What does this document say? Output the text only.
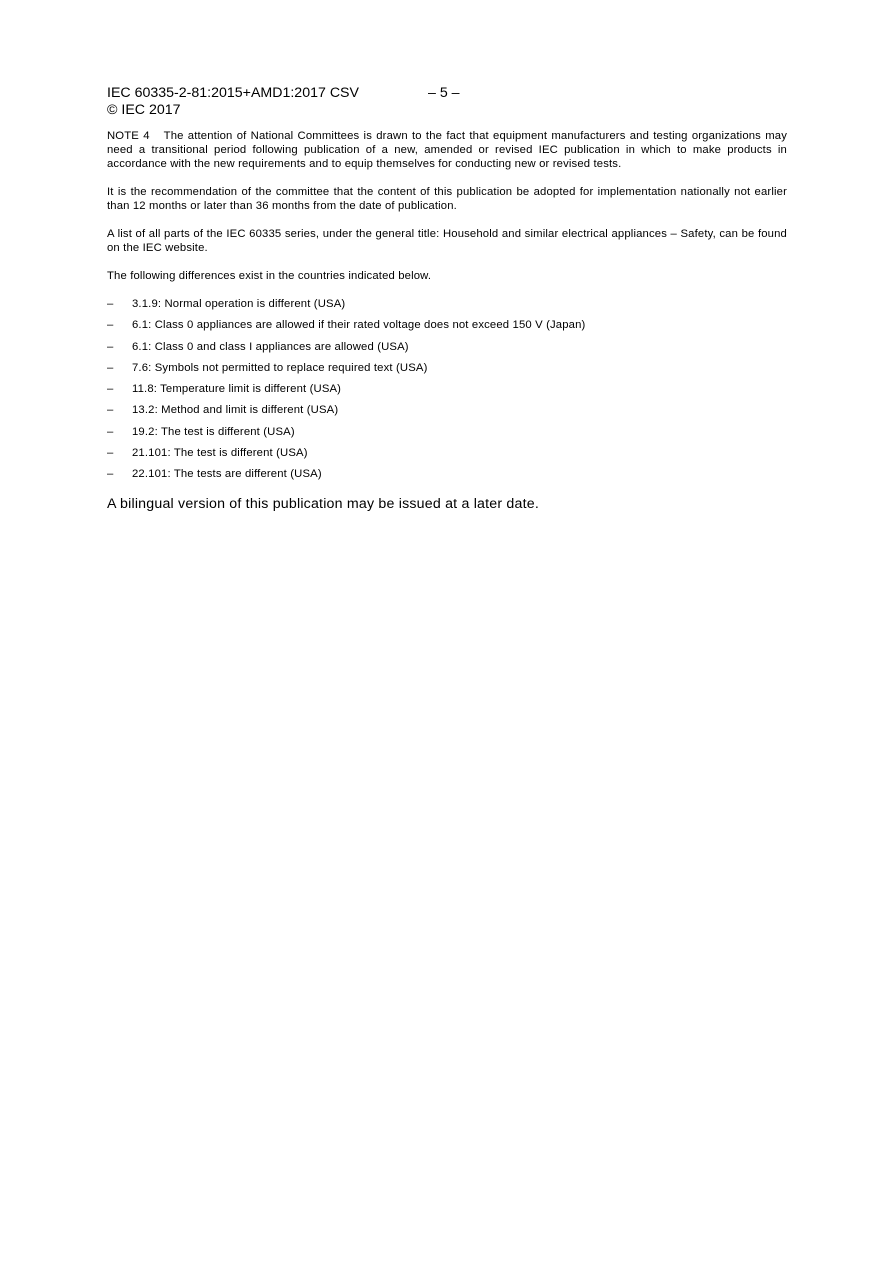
IEC 60335-2-81:2015+AMD1:2017 CSV	– 5 –
© IEC 2017
NOTE 4 The attention of National Committees is drawn to the fact that equipment manufacturers and testing organizations may need a transitional period following publication of a new, amended or revised IEC publication in which to make products in accordance with the new requirements and to equip themselves for conducting new or revised tests.
It is the recommendation of the committee that the content of this publication be adopted for implementation nationally not earlier than 12 months or later than 36 months from the date of publication.
A list of all parts of the IEC 60335 series, under the general title: Household and similar electrical appliances – Safety, can be found on the IEC website.
The following differences exist in the countries indicated below.
–	3.1.9: Normal operation is different (USA)
–	6.1: Class 0 appliances are allowed if their rated voltage does not exceed 150 V (Japan)
–	6.1: Class 0 and class I appliances are allowed (USA)
–	7.6: Symbols not permitted to replace required text (USA)
–	11.8: Temperature limit is different (USA)
–	13.2: Method and limit is different (USA)
–	19.2: The test is different (USA)
–	21.101: The test is different (USA)
–	22.101: The tests are different (USA)
A bilingual version of this publication may be issued at a later date.
